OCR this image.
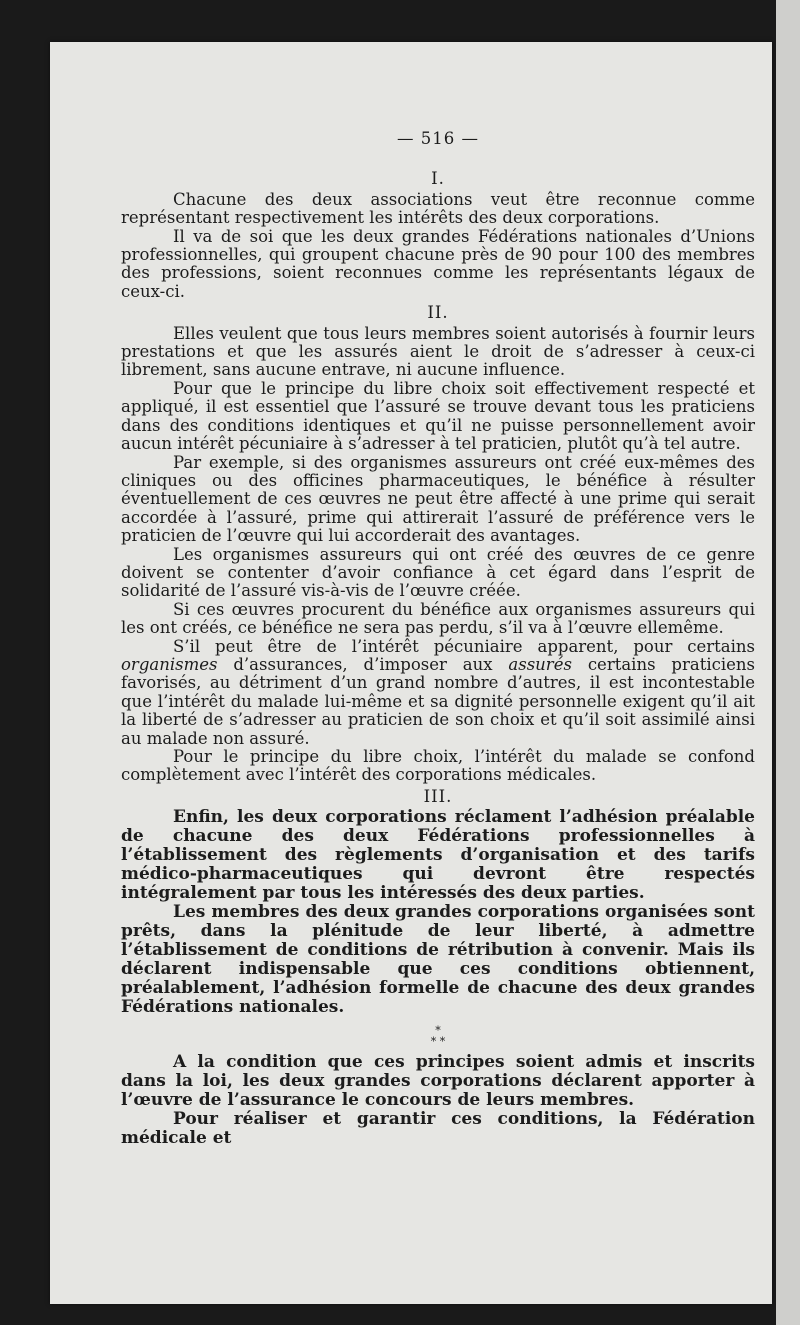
— 516 —
I.

Chacune des deux associations veut être reconnue comme représentant respectivement les intérêts des deux corporations.

Il va de soi que les deux grandes Fédérations nationales d’Unions professionnelles, qui groupent chacune près de 90 pour 100 des membres des professions, soient reconnues comme les représentants légaux de ceux-ci.

II.

Elles veulent que tous leurs membres soient autorisés à fournir leurs prestations et que les assurés aient le droit de s’adresser à ceux-ci librement, sans aucune entrave, ni aucune influence.

Pour que le principe du libre choix soit effectivement respecté et appliqué, il est essentiel que l’assuré se trouve devant tous les praticiens dans des conditions identiques et qu’il ne puisse personnellement avoir aucun intérêt pécuniaire à s’adresser à tel praticien, plutôt qu’à tel autre.

Par exemple, si des organismes assureurs ont créé eux-mêmes des cliniques ou des officines pharmaceutiques, le bénéfice à résulter éventuellement de ces œuvres ne peut être affecté à une prime qui serait accordée à l’assuré, prime qui attirerait l’assuré de préférence vers le praticien de l’œuvre qui lui accorderait des avantages.

Les organismes assureurs qui ont créé des œuvres de ce genre doivent se contenter d’avoir confiance à cet égard dans l’esprit de solidarité de l’assuré vis-à-vis de l’œuvre créée.

Si ces œuvres procurent du bénéfice aux organismes assureurs qui les ont créés, ce bénéfice ne sera pas perdu, s’il va à l’œuvre ellemême.

S’il peut être de l’intérêt pécuniaire apparent, pour certains organismes d’assurances, d’imposer aux assurés certains praticiens favorisés, au détriment d’un grand nombre d’autres, il est incontestable que l’intérêt du malade lui-même et sa dignité personnelle exigent qu’il ait la liberté de s’adresser au praticien de son choix et qu’il soit assimilé ainsi au malade non assuré.

Pour le principe du libre choix, l’intérêt du malade se confond complètement avec l’intérêt des corporations médicales.

III.

Enfin, les deux corporations réclament l’adhésion préalable de chacune des deux Fédérations professionnelles à l’établissement des règlements d’organisation et des tarifs médico-pharmaceutiques qui devront être respectés intégralement par tous les intéressés des deux parties.

Les membres des deux grandes corporations organisées sont prêts, dans la plénitude de leur liberté, à admettre l’établissement de conditions de rétribution à convenir. Mais ils déclarent indispensable que ces conditions obtiennent, préalablement, l’adhésion formelle de chacune des deux grandes Fédérations nationales.

*
* *

A la condition que ces principes soient admis et inscrits dans la loi, les deux grandes corporations déclarent apporter à l’œuvre de l’assurance le concours de leurs membres.

Pour réaliser et garantir ces conditions, la Fédération médicale et
